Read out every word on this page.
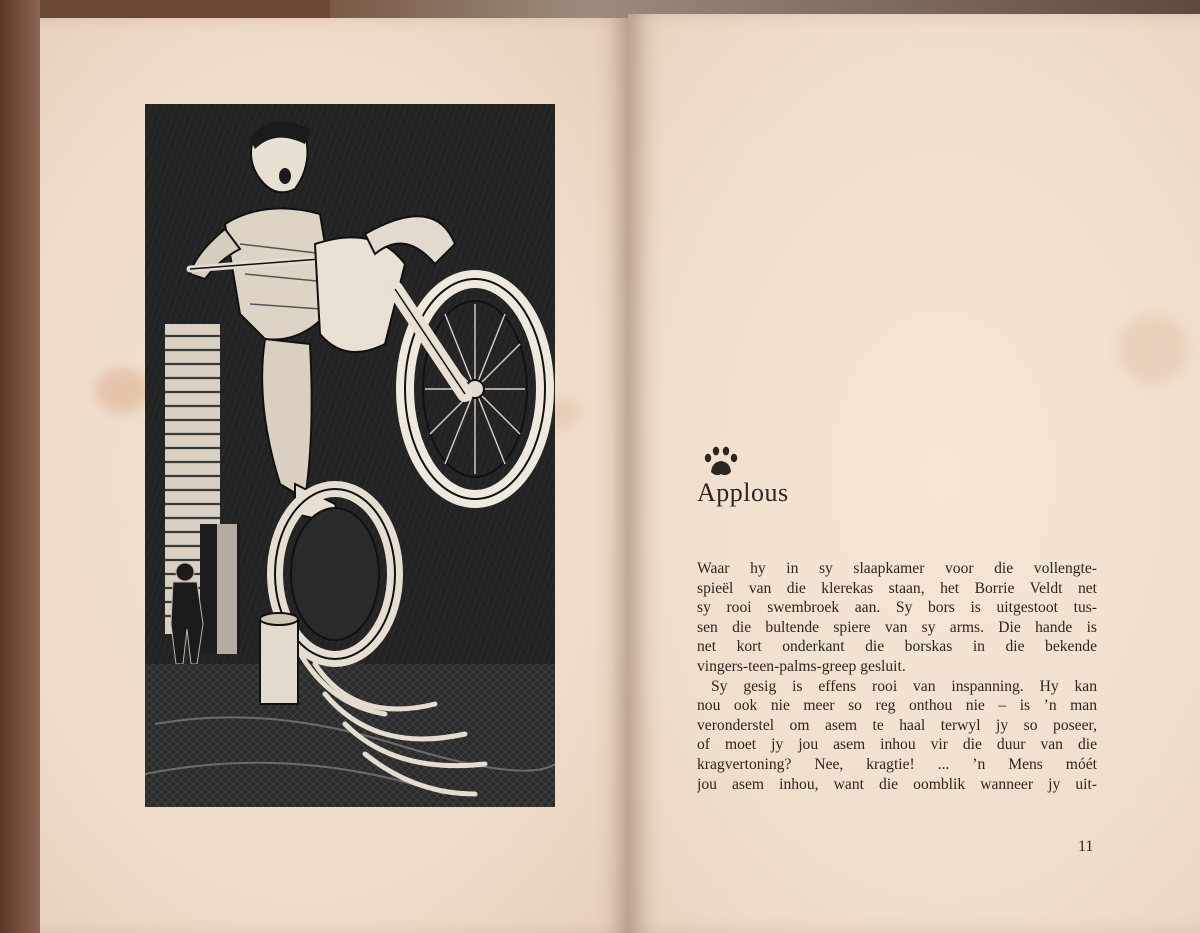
Applous
Waar hy in sy slaapkamer voor die vollengte-
spieël van die klerekas staan, het Borrie Veldt net
sy rooi swembroek aan. Sy bors is uitgestoot tus-
sen die bultende spiere van sy arms. Die hande is
net kort onderkant die borskas in die bekende
vingers-teen-palms-greep gesluit.
Sy gesig is effens rooi van inspanning. Hy kan
nou ook nie meer so reg onthou nie – is ’n man
veronderstel om asem te haal terwyl jy so poseer,
of moet jy jou asem inhou vir die duur van die
kragvertoning? Nee, kragtie! ... ’n Mens móét
jou asem inhou, want die oomblik wanneer jy uit-
11
